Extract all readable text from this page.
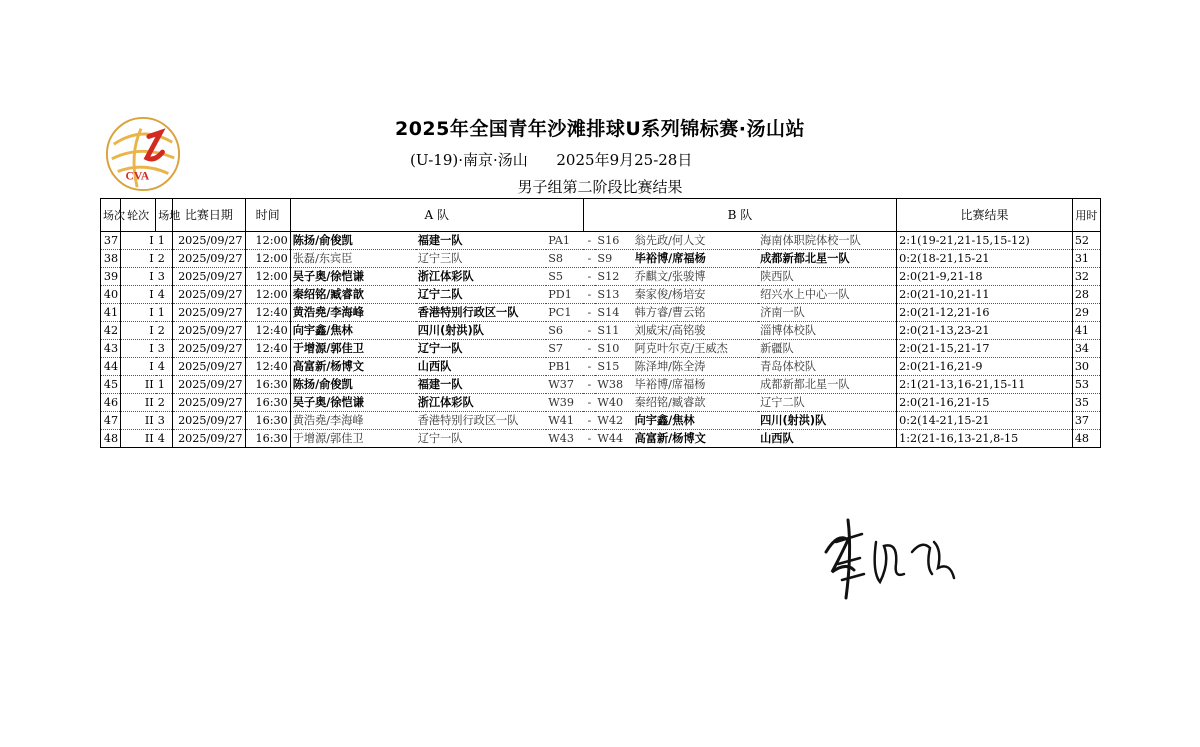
CVA
2025年全国青年沙滩排球U系列锦标赛·汤山站
(U-19)·南京·汤山 2025年9月25-28日
男子组第二阶段比赛结果
场次	轮次	场地	比赛日期	时间	A 队			B 队				比赛结果	用时
37	I	1	2025/09/27	12:00	陈扬/俞俊凯	福建一队	PA1	-	S16	翁先政/何人文	海南体职院体校一队	2:1(19-21,21-15,15-12)	52
38	I	2	2025/09/27	12:00	张磊/东宾臣	辽宁三队	S8	-	S9	毕裕博/席福杨	成都新都北星一队	0:2(18-21,15-21	31
39	I	3	2025/09/27	12:00	吴子奥/徐恺谦	浙江体彩队	S5	-	S12	乔麒文/张骏博	陕西队	2:0(21-9,21-18	32
40	I	4	2025/09/27	12:00	秦绍铭/臧睿歆	辽宁二队	PD1	-	S13	秦家俊/杨培安	绍兴水上中心一队	2:0(21-10,21-11	28
41	I	1	2025/09/27	12:40	黄浩堯/李海峰	香港特别行政区一队	PC1	-	S14	韩方睿/曹云铭	济南一队	2:0(21-12,21-16	29
42	I	2	2025/09/27	12:40	向宇鑫/焦林	四川(射洪)队	S6	-	S11	刘威宋/高铭骏	淄博体校队	2:0(21-13,23-21	41
43	I	3	2025/09/27	12:40	于增源/郭佳卫	辽宁一队	S7	-	S10	阿克叶尔克/王威杰	新疆队	2:0(21-15,21-17	34
44	I	4	2025/09/27	12:40	高富新/杨博文	山西队	PB1	-	S15	陈泽坤/陈全涛	青岛体校队	2:0(21-16,21-9	30
45	II	1	2025/09/27	16:30	陈扬/俞俊凯	福建一队	W37	-	W38	毕裕博/席福杨	成都新都北星一队	2:1(21-13,16-21,15-11	53
46	II	2	2025/09/27	16:30	吴子奥/徐恺谦	浙江体彩队	W39	-	W40	秦绍铭/臧睿歆	辽宁二队	2:0(21-16,21-15	35
47	II	3	2025/09/27	16:30	黄浩堯/李海峰	香港特别行政区一队	W41	-	W42	向宇鑫/焦林	四川(射洪)队	0:2(14-21,15-21	37
48	II	4	2025/09/27	16:30	于增源/郭佳卫	辽宁一队	W43	-	W44	高富新/杨博文	山西队	1:2(21-16,13-21,8-15	48
